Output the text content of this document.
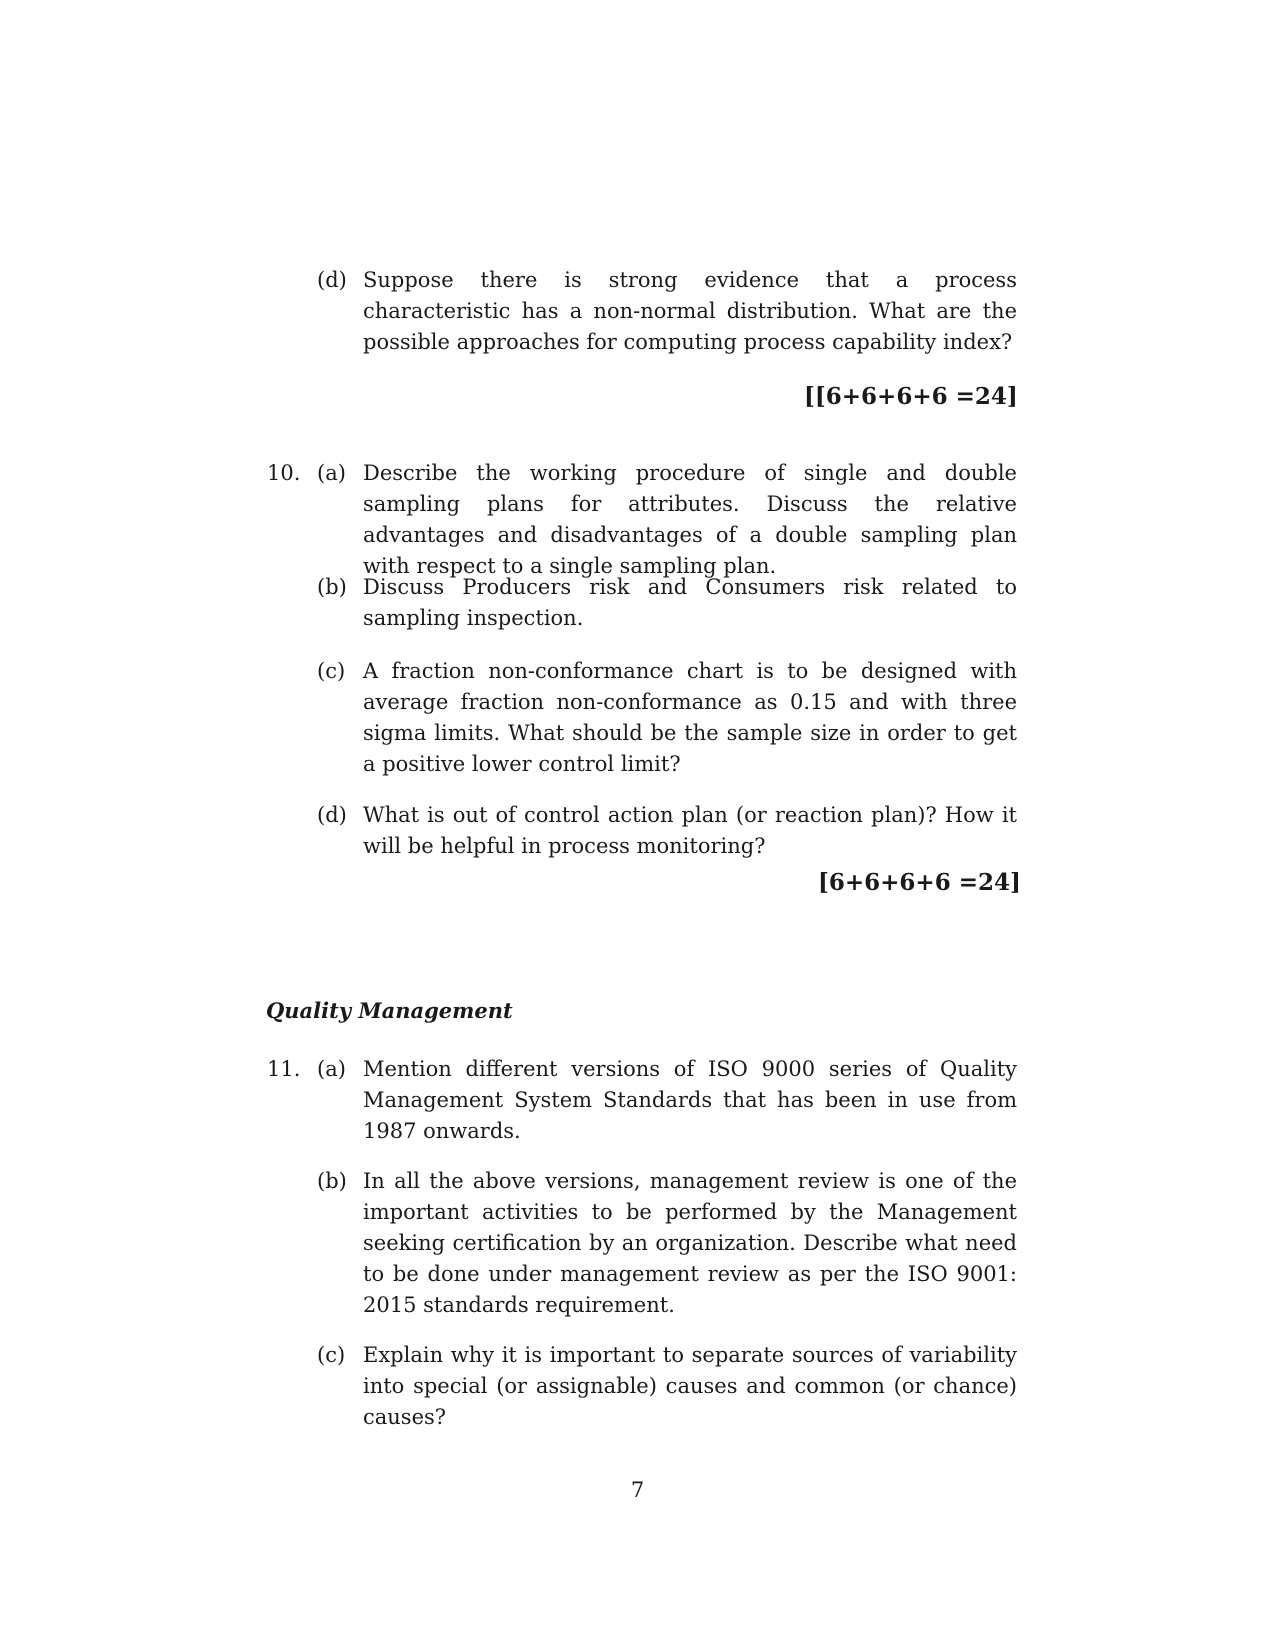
(d) Suppose there is strong evidence that a process characteristic has a non-normal distribution. What are the possible approaches for computing process capability index?
[[6+6+6+6 =24]
10. (a) Describe the working procedure of single and double sampling plans for attributes. Discuss the relative advantages and disadvantages of a double sampling plan with respect to a single sampling plan.
(b) Discuss Producers risk and Consumers risk related to sampling inspection.
(c) A fraction non-conformance chart is to be designed with average fraction non-conformance as 0.15 and with three sigma limits. What should be the sample size in order to get a positive lower control limit?
(d) What is out of control action plan (or reaction plan)? How it will be helpful in process monitoring?
[6+6+6+6 =24]
Quality Management
11. (a) Mention different versions of ISO 9000 series of Quality Management System Standards that has been in use from 1987 onwards.
(b) In all the above versions, management review is one of the important activities to be performed by the Management seeking certification by an organization. Describe what need to be done under management review as per the ISO 9001: 2015 standards requirement.
(c) Explain why it is important to separate sources of variability into special (or assignable) causes and common (or chance) causes?
7
